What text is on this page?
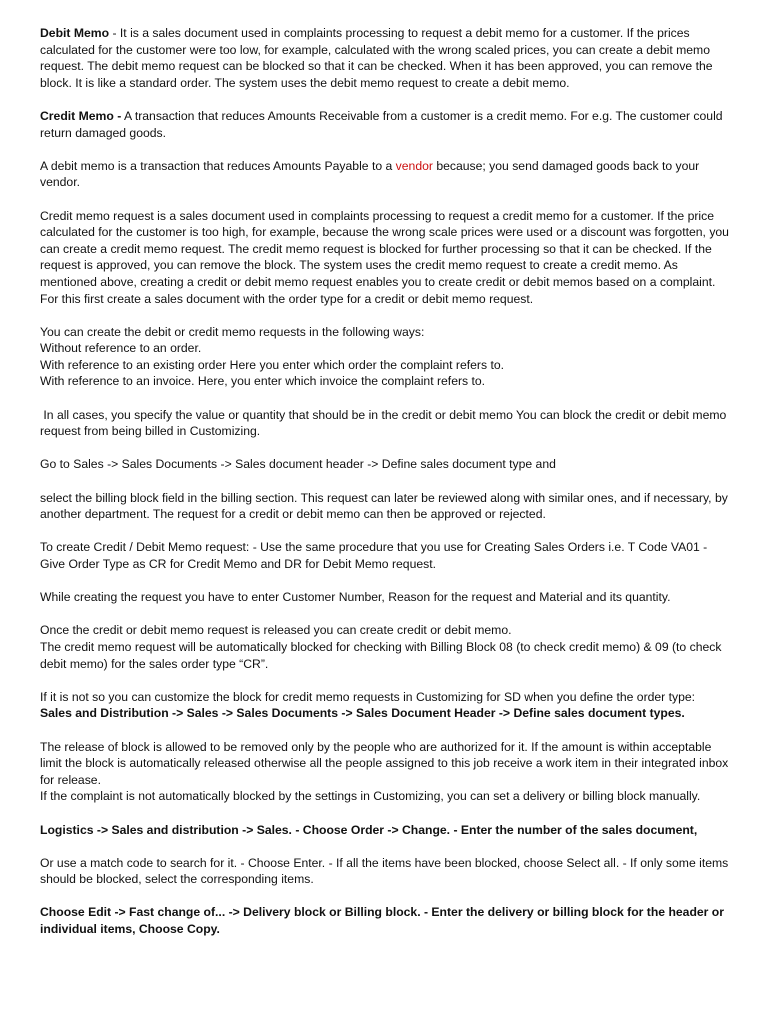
Debit Memo - It is a sales document used in complaints processing to request a debit memo for a customer. If the prices calculated for the customer were too low, for example, calculated with the wrong scaled prices, you can create a debit memo request. The debit memo request can be blocked so that it can be checked. When it has been approved, you can remove the block. It is like a standard order. The system uses the debit memo request to create a debit memo.

Credit Memo - A transaction that reduces Amounts Receivable from a customer is a credit memo. For e.g. The customer could return damaged goods.

A debit memo is a transaction that reduces Amounts Payable to a vendor because; you send damaged goods back to your vendor.

Credit memo request is a sales document used in complaints processing to request a credit memo for a customer. If the price calculated for the customer is too high, for example, because the wrong scale prices were used or a discount was forgotten, you can create a credit memo request. The credit memo request is blocked for further processing so that it can be checked. If the request is approved, you can remove the block. The system uses the credit memo request to create a credit memo. As mentioned above, creating a credit or debit memo request enables you to create credit or debit memos based on a complaint. For this first create a sales document with the order type for a credit or debit memo request.

You can create the debit or credit memo requests in the following ways:
Without reference to an order.
With reference to an existing order Here you enter which order the complaint refers to.
With reference to an invoice. Here, you enter which invoice the complaint refers to.

In all cases, you specify the value or quantity that should be in the credit or debit memo You can block the credit or debit memo request from being billed in Customizing.

Go to Sales -> Sales Documents -> Sales document header -> Define sales document type and

select the billing block field in the billing section. This request can later be reviewed along with similar ones, and if necessary, by another department. The request for a credit or debit memo can then be approved or rejected.

To create Credit / Debit Memo request: - Use the same procedure that you use for Creating Sales Orders i.e. T Code VA01 - Give Order Type as CR for Credit Memo and DR for Debit Memo request.

While creating the request you have to enter Customer Number, Reason for the request and Material and its quantity.

Once the credit or debit memo request is released you can create credit or debit memo.
The credit memo request will be automatically blocked for checking with Billing Block 08 (to check credit memo) & 09 (to check debit memo) for the sales order type “CR”.

If it is not so you can customize the block for credit memo requests in Customizing for SD when you define the order type:
Sales and Distribution -> Sales -> Sales Documents -> Sales Document Header -> Define sales document types.

The release of block is allowed to be removed only by the people who are authorized for it. If the amount is within acceptable limit the block is automatically released otherwise all the people assigned to this job receive a work item in their integrated inbox for release.
If the complaint is not automatically blocked by the settings in Customizing, you can set a delivery or billing block manually.

Logistics -> Sales and distribution -> Sales. - Choose Order -> Change. - Enter the number of the sales document,

Or use a match code to search for it. - Choose Enter. - If all the items have been blocked, choose Select all. - If only some items should be blocked, select the corresponding items.

Choose Edit -> Fast change of... -> Delivery block or Billing block. - Enter the delivery or billing block for the header or individual items, Choose Copy.
